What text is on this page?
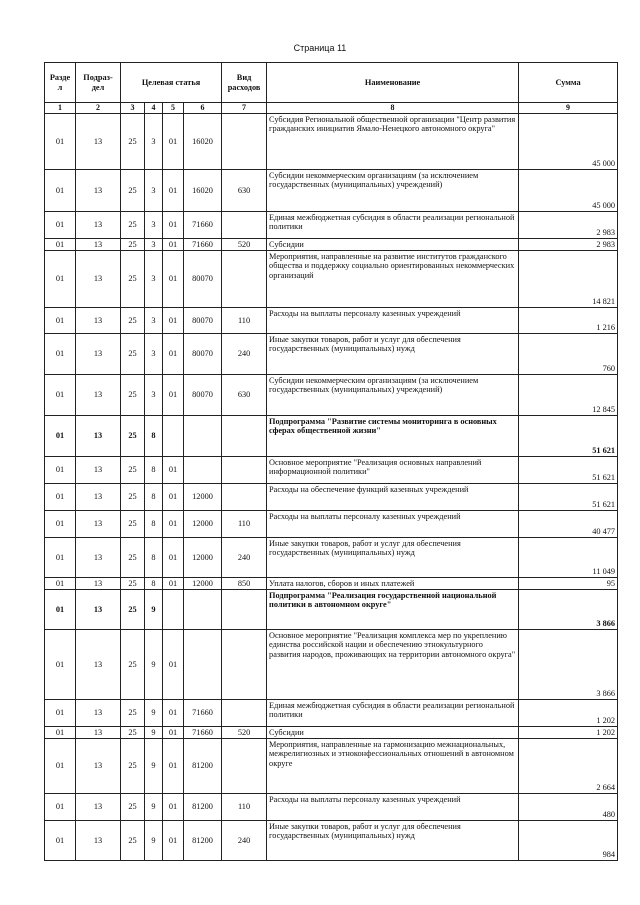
Страница 11
Разде л	Подраз- дел	Целевая статья				Вид расходов	Наименование	Сумма
1	2	3	4	5	6	7	8	9
01	13	25	3	01	16020		Субсидия Региональной общественной организации "Центр развития гражданских инициатив Ямало-Ненецкого автономного округа"	45 000
01	13	25	3	01	16020	630	Субсидии некоммерческим организациям (за исключением государственных (муниципальных) учреждений)	45 000
01	13	25	3	01	71660		Единая межбюджетная субсидия в области реализации региональной политики	2 983
01	13	25	3	01	71660	520	Субсидии	2 983
01	13	25	3	01	80070		Мероприятия, направленные на развитие институтов гражданского общества и поддержку социально ориентированных некоммерческих организаций	14 821
01	13	25	3	01	80070	110	Расходы на выплаты персоналу казенных учреждений	1 216
01	13	25	3	01	80070	240	Иные закупки товаров, работ и услуг для обеспечения государственных (муниципальных) нужд	760
01	13	25	3	01	80070	630	Субсидии некоммерческим организациям (за исключением государственных (муниципальных) учреждений)	12 845
01	13	25	8				Подпрограмма "Развитие системы мониторинга в основных сферах общественной жизни"	51 621
01	13	25	8	01			Основное мероприятие "Реализация основных направлений информационной политики"	51 621
01	13	25	8	01	12000		Расходы на обеспечение функций казенных учреждений	51 621
01	13	25	8	01	12000	110	Расходы на выплаты персоналу казенных учреждений	40 477
01	13	25	8	01	12000	240	Иные закупки товаров, работ и услуг для обеспечения государственных (муниципальных) нужд	11 049
01	13	25	8	01	12000	850	Уплата налогов, сборов и иных платежей	95
01	13	25	9				Подпрограмма "Реализация государственной национальной политики в автономном округе"	3 866
01	13	25	9	01			Основное мероприятие "Реализация комплекса мер по укреплению единства российской нации и обеспечению этнокультурного развития народов, проживающих на территории автономного округа"	3 866
01	13	25	9	01	71660		Единая межбюджетная субсидия в области реализации региональной политики	1 202
01	13	25	9	01	71660	520	Субсидии	1 202
01	13	25	9	01	81200		Мероприятия, направленные на гармонизацию межнациональных, межрелигиозных и этноконфессиональных отношений в автономном округе	2 664
01	13	25	9	01	81200	110	Расходы на выплаты персоналу казенных учреждений	480
01	13	25	9	01	81200	240	Иные закупки товаров, работ и услуг для обеспечения государственных (муниципальных) нужд	984
